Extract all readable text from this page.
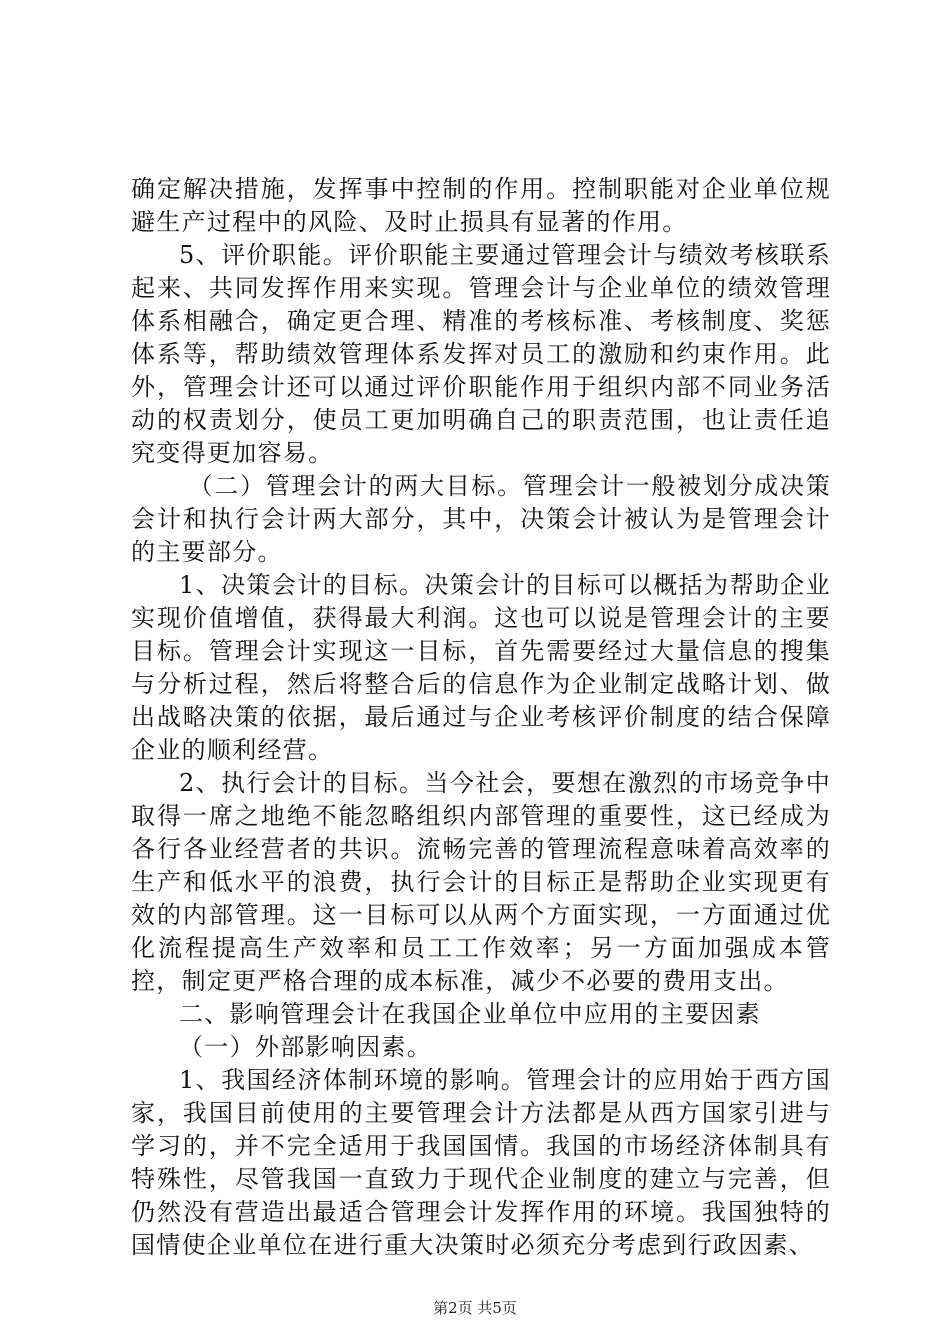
确定解决措施，发挥事中控制的作用。控制职能对企业单位规避生产过程中的风险、及时止损具有显著的作用。

5、评价职能。评价职能主要通过管理会计与绩效考核联系起来、共同发挥作用来实现。管理会计与企业单位的绩效管理体系相融合，确定更合理、精准的考核标准、考核制度、奖惩体系等，帮助绩效管理体系发挥对员工的激励和约束作用。此外，管理会计还可以通过评价职能作用于组织内部不同业务活动的权责划分，使员工更加明确自己的职责范围，也让责任追究变得更加容易。

（二）管理会计的两大目标。管理会计一般被划分成决策会计和执行会计两大部分，其中，决策会计被认为是管理会计的主要部分。

1、决策会计的目标。决策会计的目标可以概括为帮助企业实现价值增值，获得最大利润。这也可以说是管理会计的主要目标。管理会计实现这一目标，首先需要经过大量信息的搜集与分析过程，然后将整合后的信息作为企业制定战略计划、做出战略决策的依据，最后通过与企业考核评价制度的结合保障企业的顺利经营。

2、执行会计的目标。当今社会，要想在激烈的市场竞争中取得一席之地绝不能忽略组织内部管理的重要性，这已经成为各行各业经营者的共识。流畅完善的管理流程意味着高效率的生产和低水平的浪费，执行会计的目标正是帮助企业实现更有效的内部管理。这一目标可以从两个方面实现，一方面通过优化流程提高生产效率和员工工作效率；另一方面加强成本管控，制定更严格合理的成本标准，减少不必要的费用支出。

二、影响管理会计在我国企业单位中应用的主要因素

（一）外部影响因素。

1、我国经济体制环境的影响。管理会计的应用始于西方国家，我国目前使用的主要管理会计方法都是从西方国家引进与学习的，并不完全适用于我国国情。我国的市场经济体制具有特殊性，尽管我国一直致力于现代企业制度的建立与完善，但仍然没有营造出最适合管理会计发挥作用的环境。我国独特的国情使企业单位在进行重大决策时必须充分考虑到行政因素、

第2页 共5页
